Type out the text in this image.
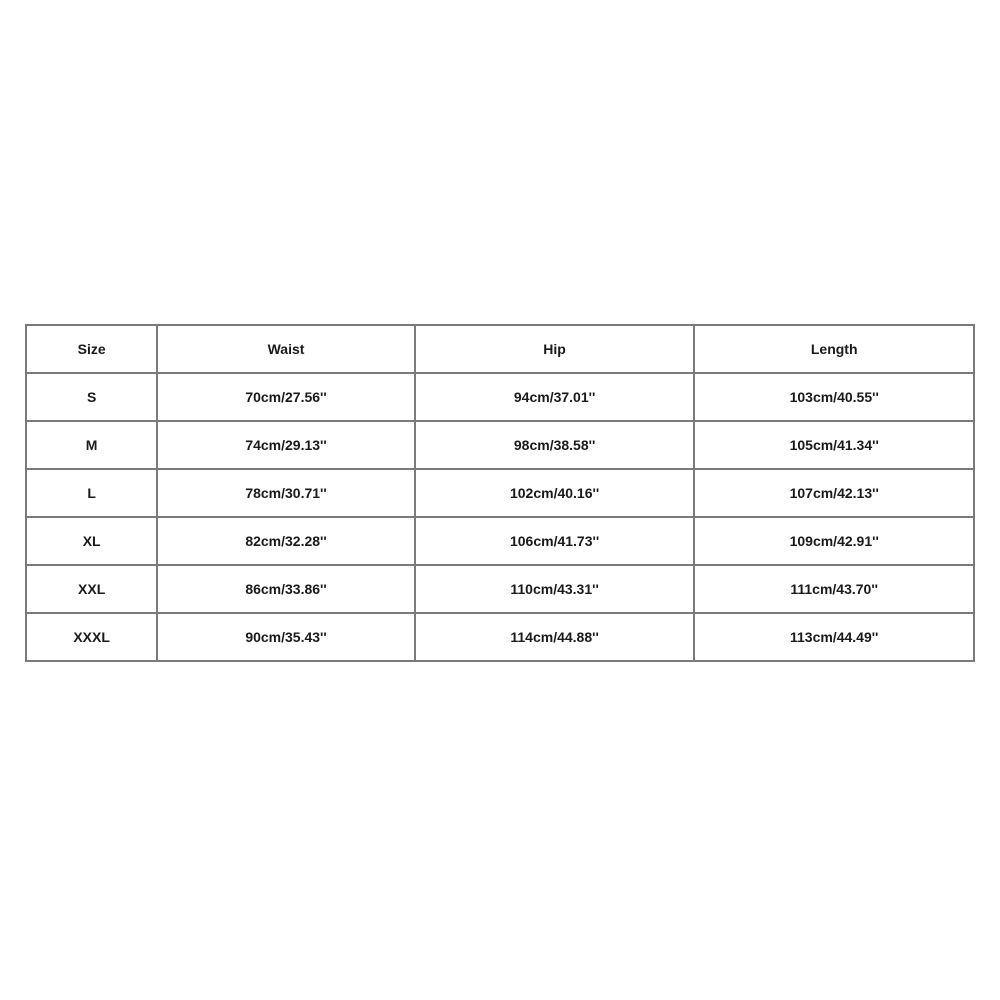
Size	Waist	Hip	Length
S	70cm/27.56''	94cm/37.01''	103cm/40.55''
M	74cm/29.13''	98cm/38.58''	105cm/41.34''
L	78cm/30.71''	102cm/40.16''	107cm/42.13''
XL	82cm/32.28''	106cm/41.73''	109cm/42.91''
XXL	86cm/33.86''	110cm/43.31''	111cm/43.70''
XXXL	90cm/35.43''	114cm/44.88''	113cm/44.49''
